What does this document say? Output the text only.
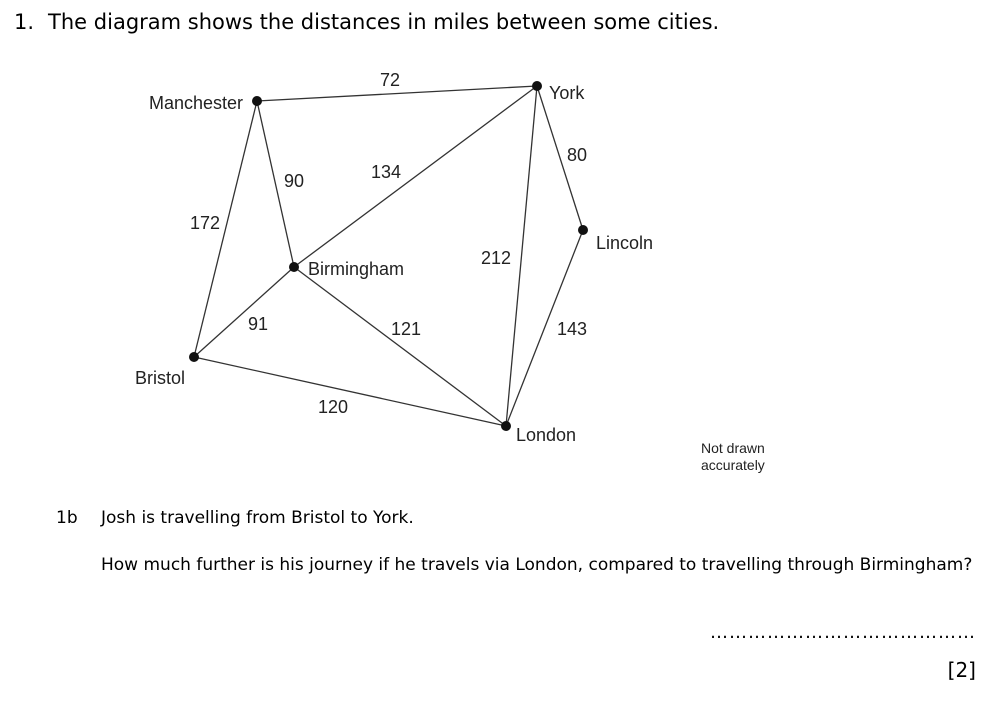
1. The diagram shows the distances in miles between some cities.
72
90
172
134
80
212
143
91	121
120
Manchester	York
Lincoln
Birmingham
Bristol
London
Not drawn
accurately
1b Josh is travelling from Bristol to York.
How much further is his journey if he travels via London, compared to travelling through Birmingham?
……………………………………
[2]
